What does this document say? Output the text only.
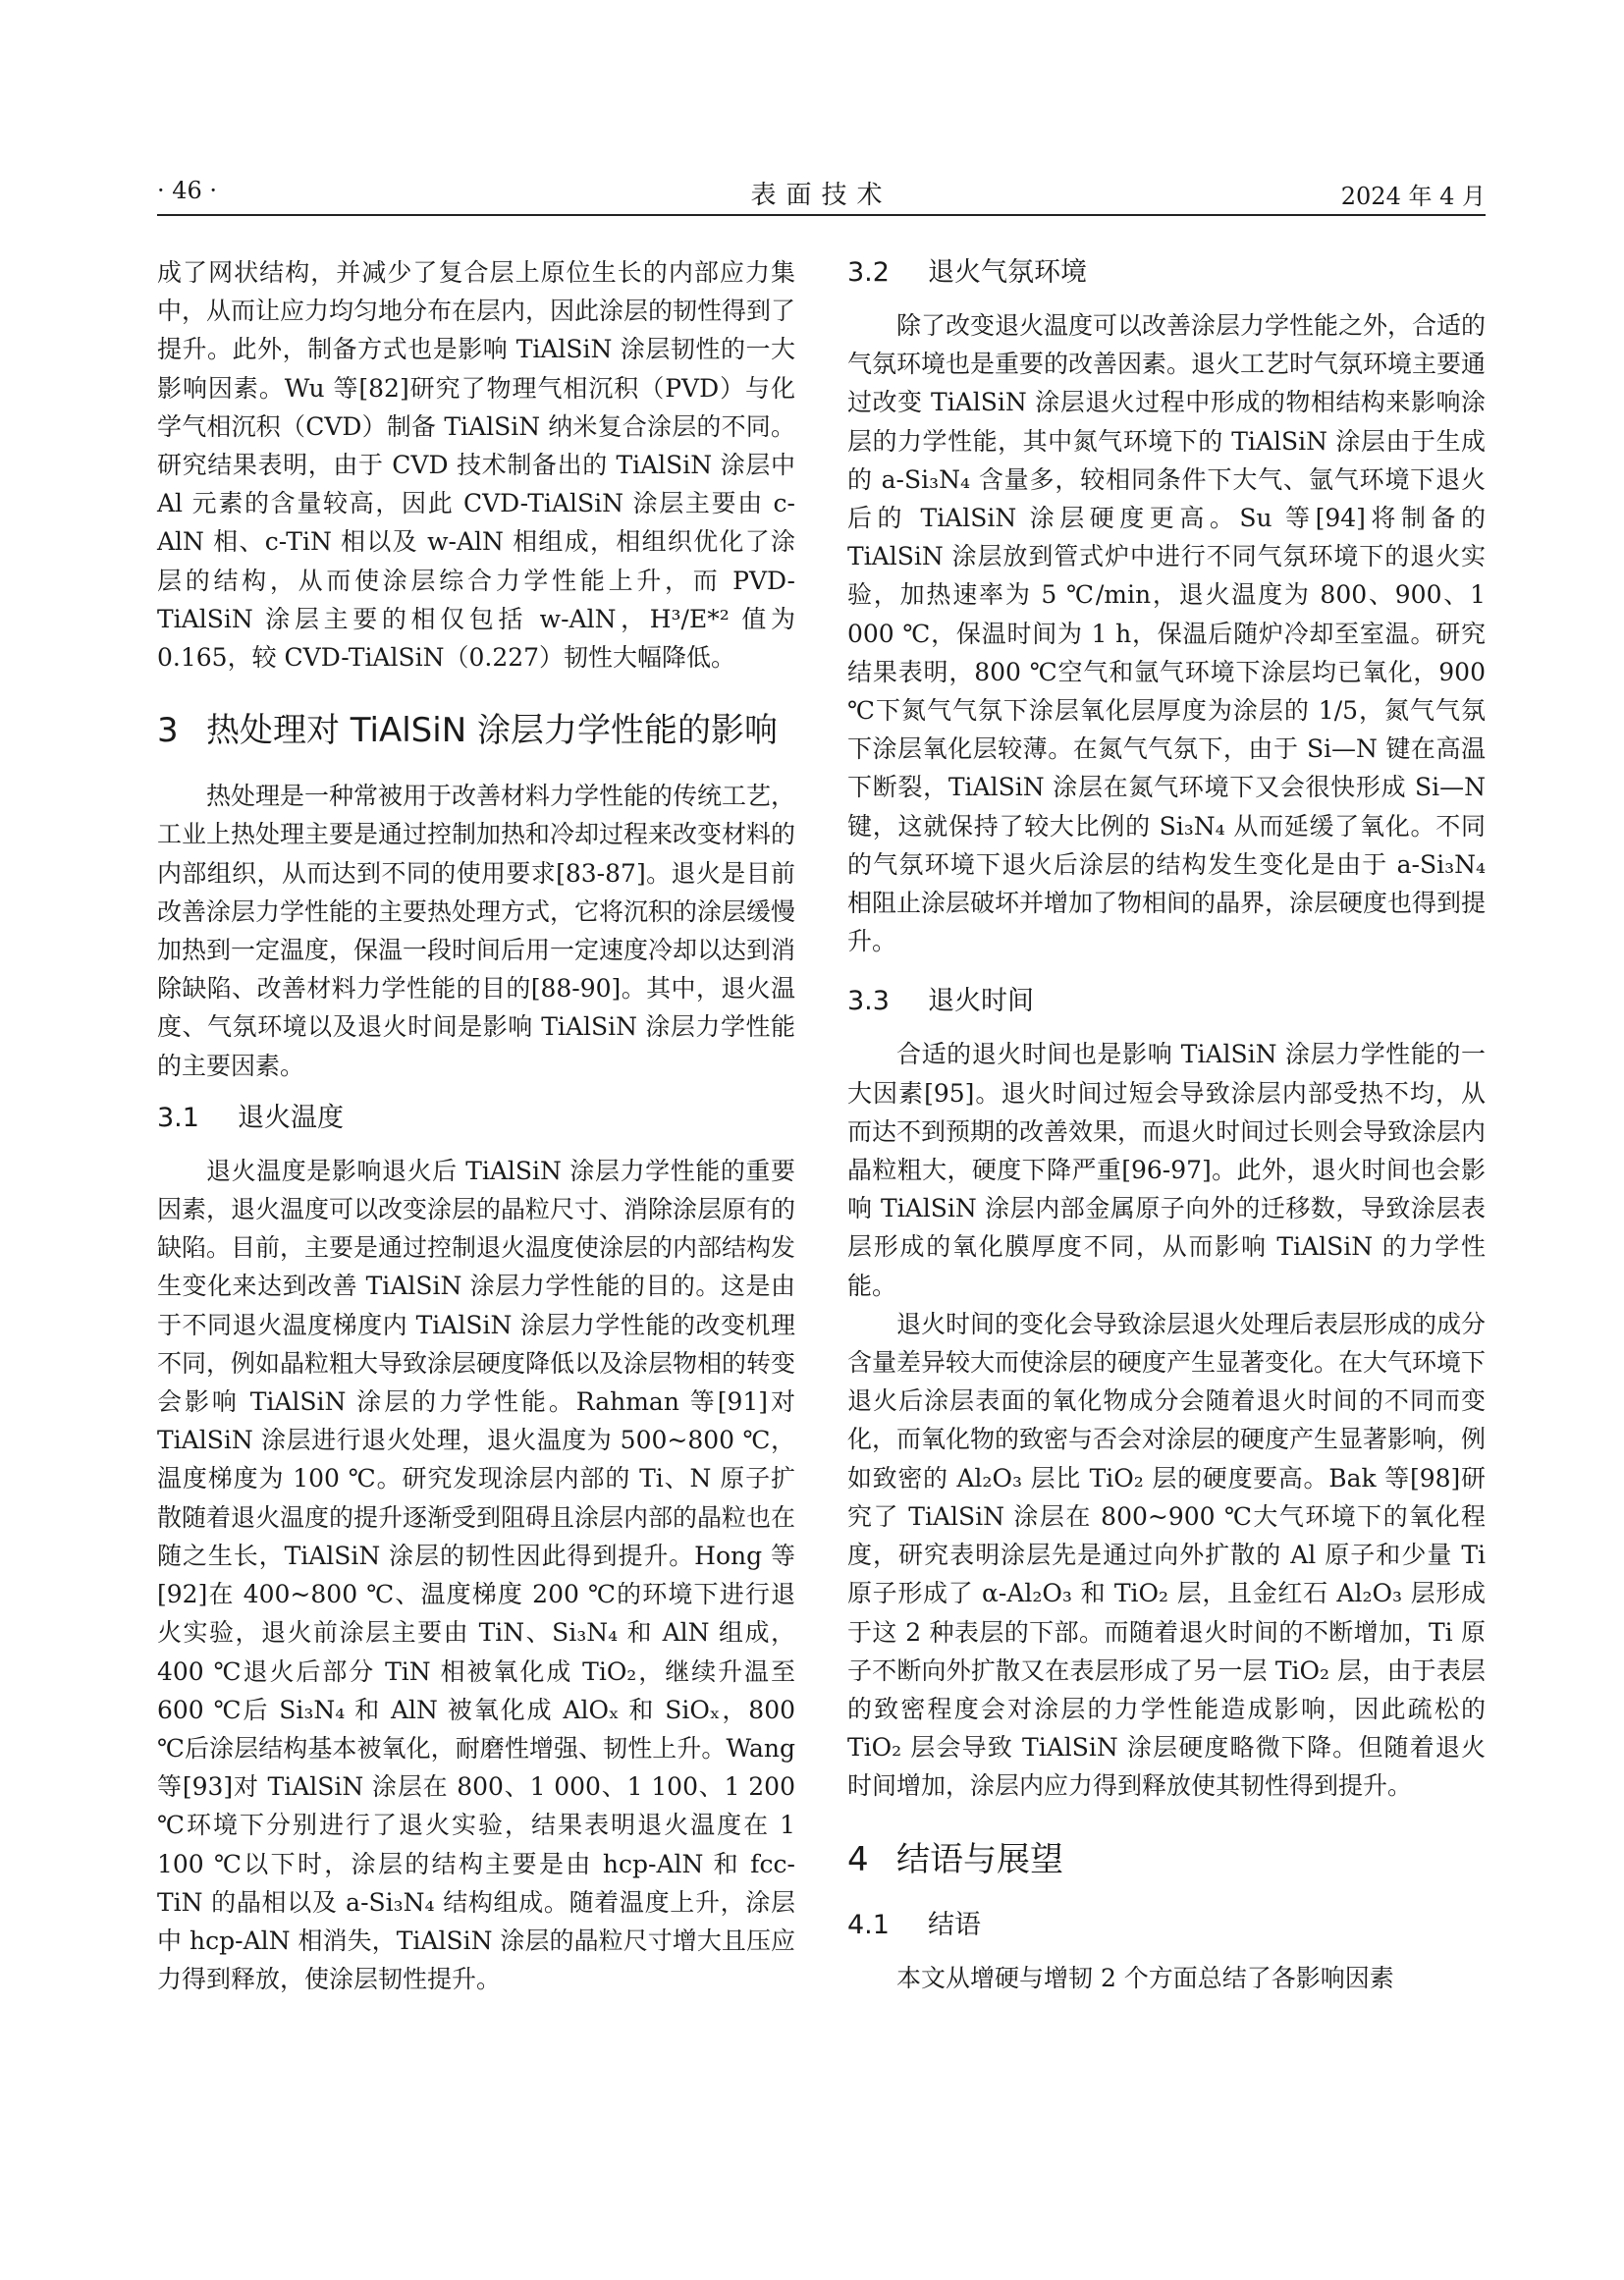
· 46 ·	表面技术	2024 年 4 月

成了网状结构，并减少了复合层上原位生长的内部应力集中，从而让应力均匀地分布在层内，因此涂层的韧性得到了提升。此外，制备方式也是影响 TiAlSiN 涂层韧性的一大影响因素。Wu 等[82]研究了物理气相沉积（PVD）与化学气相沉积（CVD）制备 TiAlSiN 纳米复合涂层的不同。研究结果表明，由于 CVD 技术制备出的 TiAlSiN 涂层中 Al 元素的含量较高，因此 CVD-TiAlSiN 涂层主要由 c-AlN 相、c-TiN 相以及 w-AlN 相组成，相组织优化了涂层的结构，从而使涂层综合力学性能上升，而 PVD-TiAlSiN 涂层主要的相仅包括 w-AlN，H³/E*² 值为 0.165，较 CVD-TiAlSiN（0.227）韧性大幅降低。

3 热处理对 TiAlSiN 涂层力学性能的影响

热处理是一种常被用于改善材料力学性能的传统工艺，工业上热处理主要是通过控制加热和冷却过程来改变材料的内部组织，从而达到不同的使用要求[83-87]。退火是目前改善涂层力学性能的主要热处理方式，它将沉积的涂层缓慢加热到一定温度，保温一段时间后用一定速度冷却以达到消除缺陷、改善材料力学性能的目的[88-90]。其中，退火温度、气氛环境以及退火时间是影响 TiAlSiN 涂层力学性能的主要因素。

3.1 退火温度

退火温度是影响退火后 TiAlSiN 涂层力学性能的重要因素，退火温度可以改变涂层的晶粒尺寸、消除涂层原有的缺陷。目前，主要是通过控制退火温度使涂层的内部结构发生变化来达到改善 TiAlSiN 涂层力学性能的目的。这是由于不同退火温度梯度内 TiAlSiN 涂层力学性能的改变机理不同，例如晶粒粗大导致涂层硬度降低以及涂层物相的转变会影响 TiAlSiN 涂层的力学性能。Rahman 等[91]对 TiAlSiN 涂层进行退火处理，退火温度为 500~800 ℃，温度梯度为 100 ℃。研究发现涂层内部的 Ti、N 原子扩散随着退火温度的提升逐渐受到阻碍且涂层内部的晶粒也在随之生长，TiAlSiN 涂层的韧性因此得到提升。Hong 等[92]在 400~800 ℃、温度梯度 200 ℃的环境下进行退火实验，退火前涂层主要由 TiN、Si₃N₄ 和 AlN 组成，400 ℃退火后部分 TiN 相被氧化成 TiO₂，继续升温至 600 ℃后 Si₃N₄ 和 AlN 被氧化成 AlOₓ 和 SiOₓ，800 ℃后涂层结构基本被氧化，耐磨性增强、韧性上升。Wang 等[93]对 TiAlSiN 涂层在 800、1 000、1 100、1 200 ℃环境下分别进行了退火实验，结果表明退火温度在 1 100 ℃以下时，涂层的结构主要是由 hcp-AlN 和 fcc-TiN 的晶相以及 a-Si₃N₄ 结构组成。随着温度上升，涂层中 hcp-AlN 相消失，TiAlSiN 涂层的晶粒尺寸增大且压应力得到释放，使涂层韧性提升。

3.2 退火气氛环境

除了改变退火温度可以改善涂层力学性能之外，合适的气氛环境也是重要的改善因素。退火工艺时气氛环境主要通过改变 TiAlSiN 涂层退火过程中形成的物相结构来影响涂层的力学性能，其中氮气环境下的 TiAlSiN 涂层由于生成的 a-Si₃N₄ 含量多，较相同条件下大气、氩气环境下退火后的 TiAlSiN 涂层硬度更高。Su 等[94]将制备的 TiAlSiN 涂层放到管式炉中进行不同气氛环境下的退火实验，加热速率为 5 ℃/min，退火温度为 800、900、1 000 ℃，保温时间为 1 h，保温后随炉冷却至室温。研究结果表明，800 ℃空气和氩气环境下涂层均已氧化，900 ℃下氮气气氛下涂层氧化层厚度为涂层的 1/5，氮气气氛下涂层氧化层较薄。在氮气气氛下，由于 Si—N 键在高温下断裂，TiAlSiN 涂层在氮气环境下又会很快形成 Si—N 键，这就保持了较大比例的 Si₃N₄ 从而延缓了氧化。不同的气氛环境下退火后涂层的结构发生变化是由于 a-Si₃N₄ 相阻止涂层破坏并增加了物相间的晶界，涂层硬度也得到提升。

3.3 退火时间

合适的退火时间也是影响 TiAlSiN 涂层力学性能的一大因素[95]。退火时间过短会导致涂层内部受热不均，从而达不到预期的改善效果，而退火时间过长则会导致涂层内晶粒粗大，硬度下降严重[96-97]。此外，退火时间也会影响 TiAlSiN 涂层内部金属原子向外的迁移数，导致涂层表层形成的氧化膜厚度不同，从而影响 TiAlSiN 的力学性能。

退火时间的变化会导致涂层退火处理后表层形成的成分含量差异较大而使涂层的硬度产生显著变化。在大气环境下退火后涂层表面的氧化物成分会随着退火时间的不同而变化，而氧化物的致密与否会对涂层的硬度产生显著影响，例如致密的 Al₂O₃ 层比 TiO₂ 层的硬度要高。Bak 等[98]研究了 TiAlSiN 涂层在 800~900 ℃大气环境下的氧化程度，研究表明涂层先是通过向外扩散的 Al 原子和少量 Ti 原子形成了 α-Al₂O₃ 和 TiO₂ 层，且金红石 Al₂O₃ 层形成于这 2 种表层的下部。而随着退火时间的不断增加，Ti 原子不断向外扩散又在表层形成了另一层 TiO₂ 层，由于表层的致密程度会对涂层的力学性能造成影响，因此疏松的 TiO₂ 层会导致 TiAlSiN 涂层硬度略微下降。但随着退火时间增加，涂层内应力得到释放使其韧性得到提升。

4 结语与展望
4.1 结语

本文从增硬与增韧 2 个方面总结了各影响因素
